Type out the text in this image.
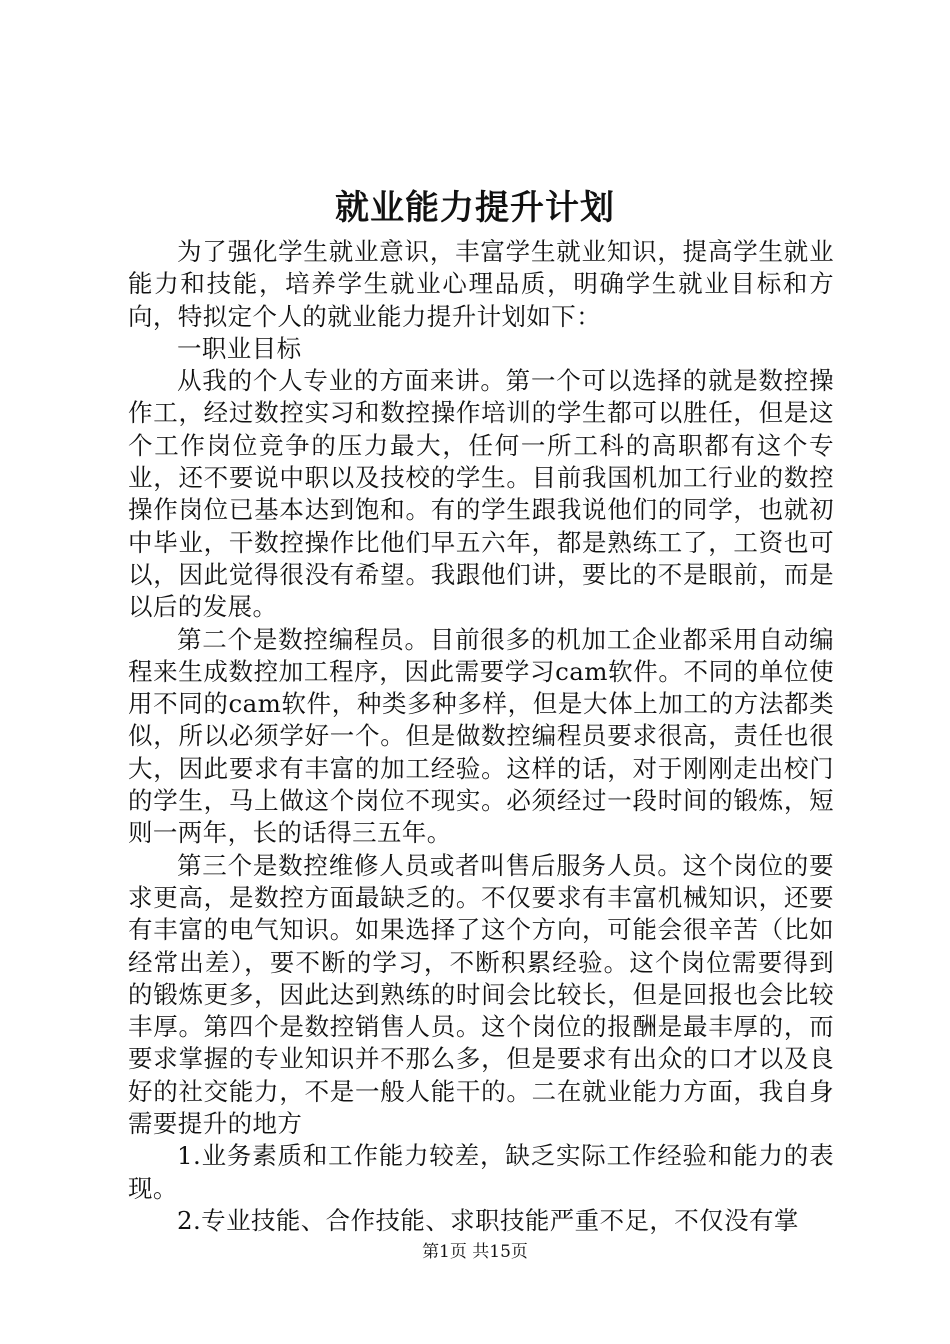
就业能力提升计划

为了强化学生就业意识，丰富学生就业知识，提高学生就业能力和技能，培养学生就业心理品质，明确学生就业目标和方向，特拟定个人的就业能力提升计划如下：

一职业目标

从我的个人专业的方面来讲。第一个可以选择的就是数控操作工，经过数控实习和数控操作培训的学生都可以胜任，但是这个工作岗位竞争的压力最大，任何一所工科的高职都有这个专业，还不要说中职以及技校的学生。目前我国机加工行业的数控操作岗位已基本达到饱和。有的学生跟我说他们的同学，也就初中毕业，干数控操作比他们早五六年，都是熟练工了，工资也可以，因此觉得很没有希望。我跟他们讲，要比的不是眼前，而是以后的发展。

第二个是数控编程员。目前很多的机加工企业都采用自动编程来生成数控加工程序，因此需要学习cam软件。不同的单位使用不同的cam软件，种类多种多样，但是大体上加工的方法都类似，所以必须学好一个。但是做数控编程员要求很高，责任也很大，因此要求有丰富的加工经验。这样的话，对于刚刚走出校门的学生，马上做这个岗位不现实。必须经过一段时间的锻炼，短则一两年，长的话得三五年。

第三个是数控维修人员或者叫售后服务人员。这个岗位的要求更高，是数控方面最缺乏的。不仅要求有丰富机械知识，还要有丰富的电气知识。如果选择了这个方向，可能会很辛苦（比如经常出差），要不断的学习，不断积累经验。这个岗位需要得到的锻炼更多，因此达到熟练的时间会比较长，但是回报也会比较丰厚。第四个是数控销售人员。这个岗位的报酬是最丰厚的，而要求掌握的专业知识并不那么多，但是要求有出众的口才以及良好的社交能力，不是一般人能干的。二在就业能力方面，我自身需要提升的地方

1.业务素质和工作能力较差，缺乏实际工作经验和能力的表现。

2.专业技能、合作技能、求职技能严重不足，不仅没有掌

第1页 共15页
